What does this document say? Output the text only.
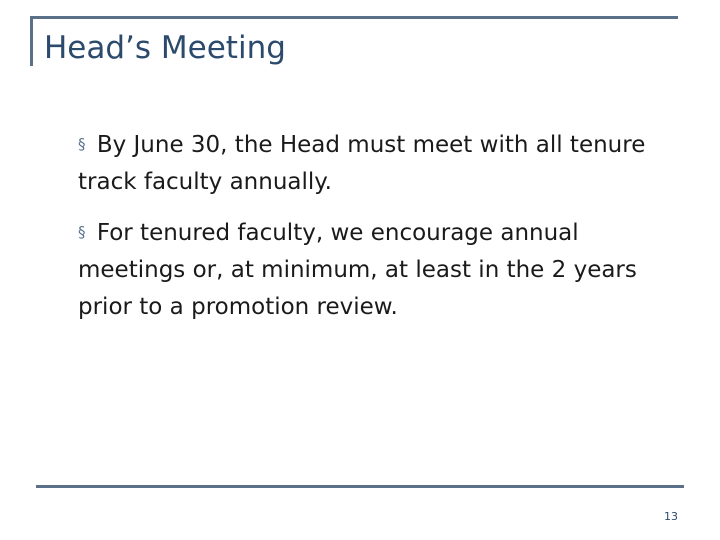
Head’s Meeting

§ By June 30, the Head must meet with all tenure track faculty annually.

§ For tenured faculty, we encourage annual meetings or, at minimum, at least in the 2 years prior to a promotion review.

13
